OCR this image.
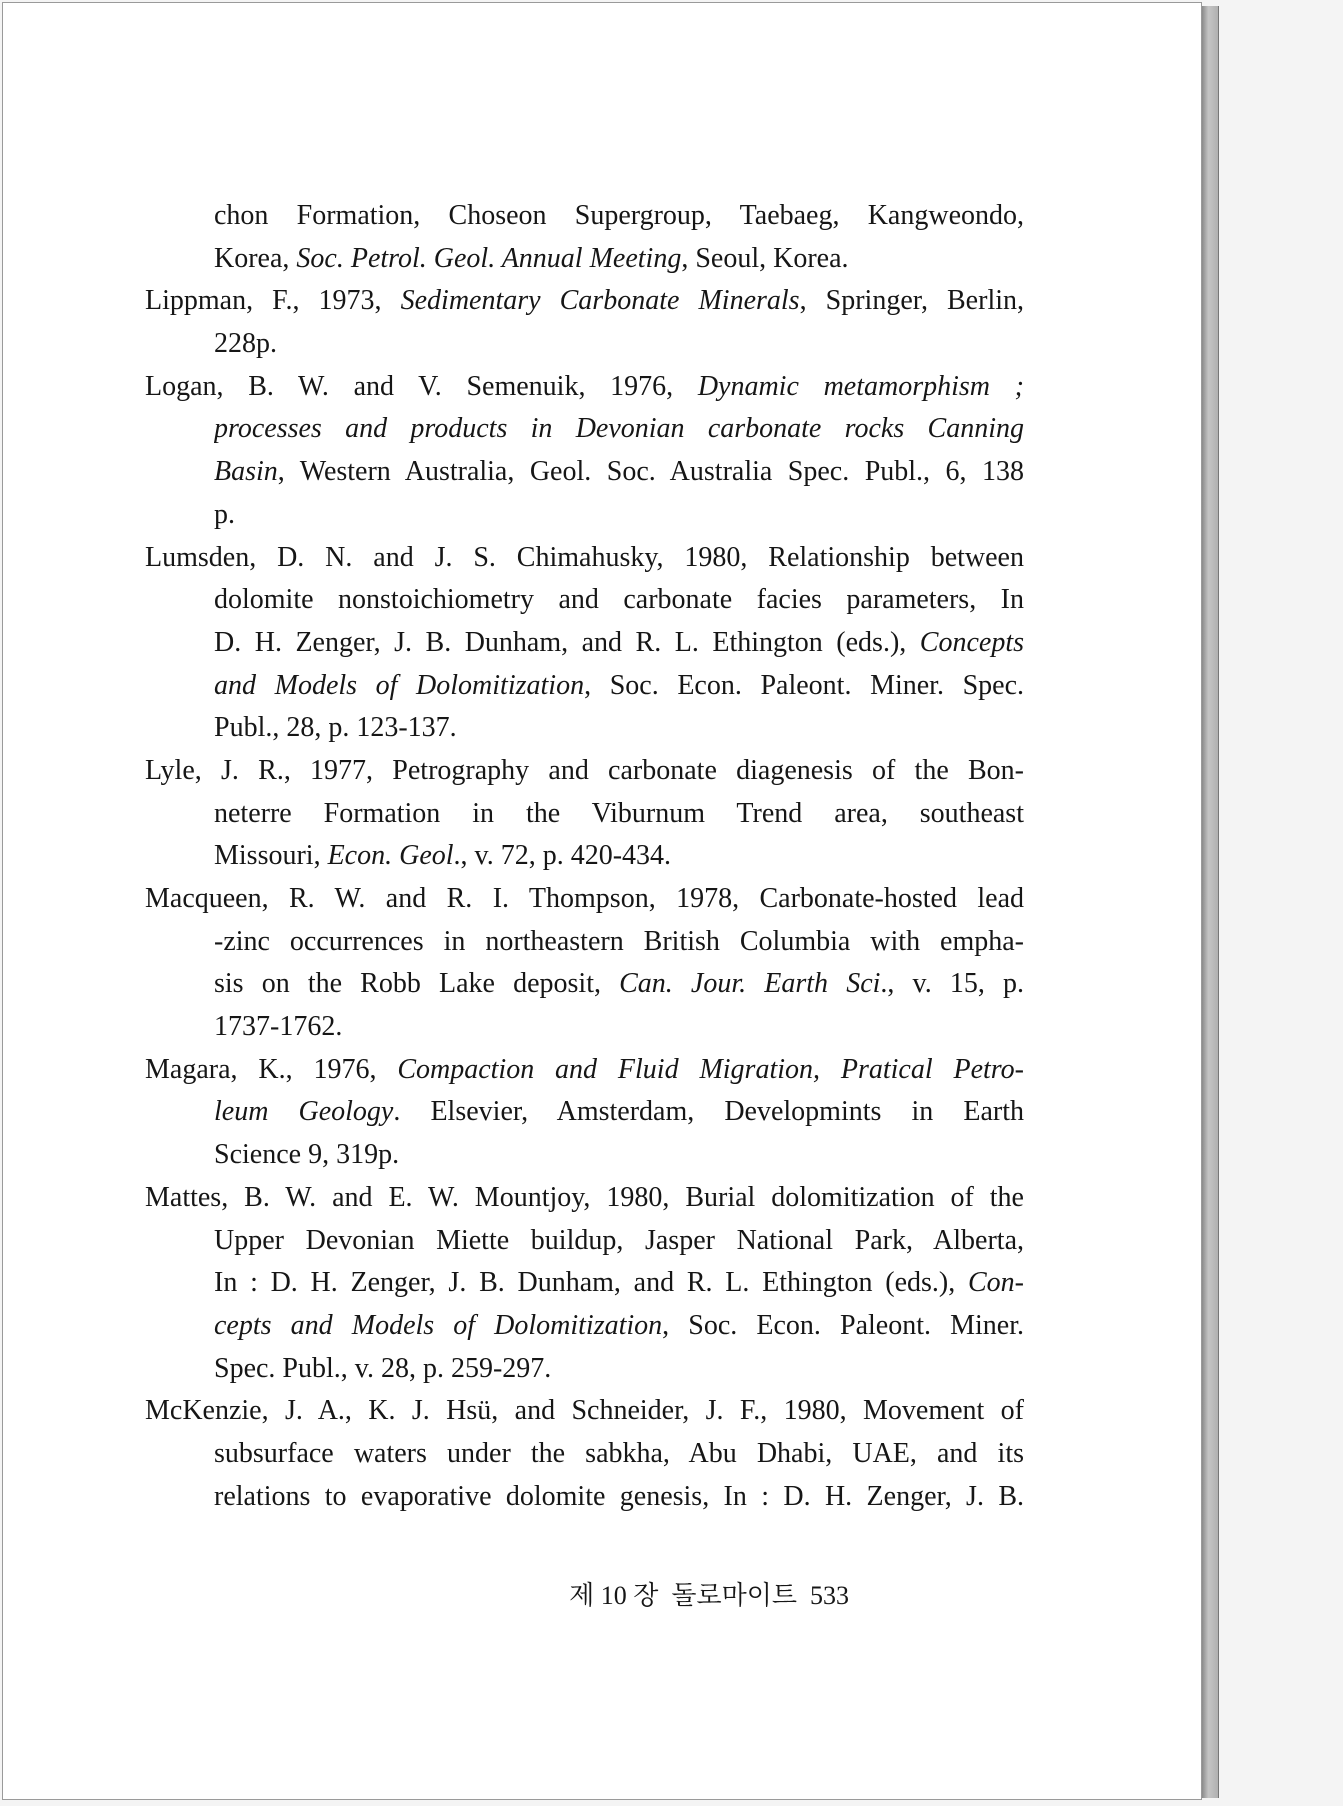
chon Formation, Choseon Supergroup, Taebaeg, Kangweondo,
Korea, Soc. Petrol. Geol. Annual Meeting, Seoul, Korea.
Lippman, F., 1973, Sedimentary Carbonate Minerals, Springer, Berlin,
228p.
Logan, B. W. and V. Semenuik, 1976, Dynamic metamorphism ;
processes and products in Devonian carbonate rocks Canning
Basin, Western Australia, Geol. Soc. Australia Spec. Publ., 6, 138
p.
Lumsden, D. N. and J. S. Chimahusky, 1980, Relationship between
dolomite nonstoichiometry and carbonate facies parameters, In
D. H. Zenger, J. B. Dunham, and R. L. Ethington (eds.), Concepts
and Models of Dolomitization, Soc. Econ. Paleont. Miner. Spec.
Publ., 28, p. 123-137.
Lyle, J. R., 1977, Petrography and carbonate diagenesis of the Bon-
neterre Formation in the Viburnum Trend area, southeast
Missouri, Econ. Geol., v. 72, p. 420-434.
Macqueen, R. W. and R. I. Thompson, 1978, Carbonate-hosted lead
-zinc occurrences in northeastern British Columbia with empha-
sis on the Robb Lake deposit, Can. Jour. Earth Sci., v. 15, p.
1737-1762.
Magara, K., 1976, Compaction and Fluid Migration, Pratical Petro-
leum Geology. Elsevier, Amsterdam, Developmints in Earth
Science 9, 319p.
Mattes, B. W. and E. W. Mountjoy, 1980, Burial dolomitization of the
Upper Devonian Miette buildup, Jasper National Park, Alberta,
In : D. H. Zenger, J. B. Dunham, and R. L. Ethington (eds.), Con-
cepts and Models of Dolomitization, Soc. Econ. Paleont. Miner.
Spec. Publ., v. 28, p. 259-297.
McKenzie, J. A., K. J. Hsü, and Schneider, J. F., 1980, Movement of
subsurface waters under the sabkha, Abu Dhabi, UAE, and its
relations to evaporative dolomite genesis, In : D. H. Zenger, J. B.
제 10 장 돌로마이트 533
